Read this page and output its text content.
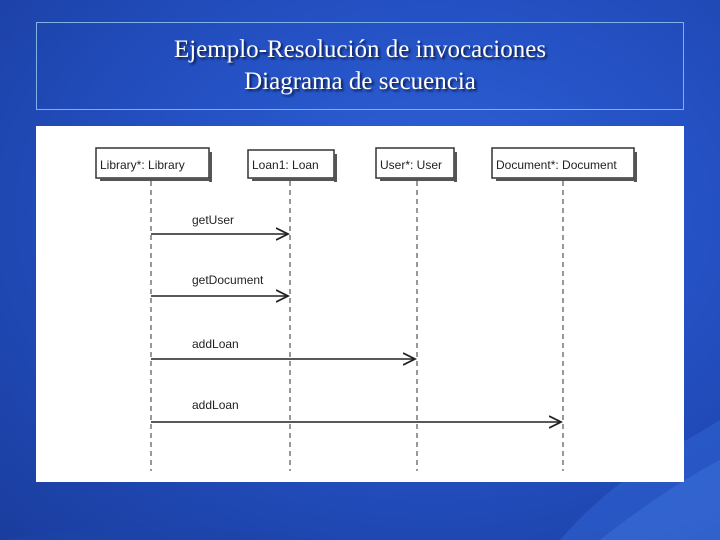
Ejemplo-Resolución de invocaciones
Diagrama de secuencia
Library*: Library	Loan1: Loan	User*: User	Document*: Document
getUser
getDocument
addLoan
addLoan
